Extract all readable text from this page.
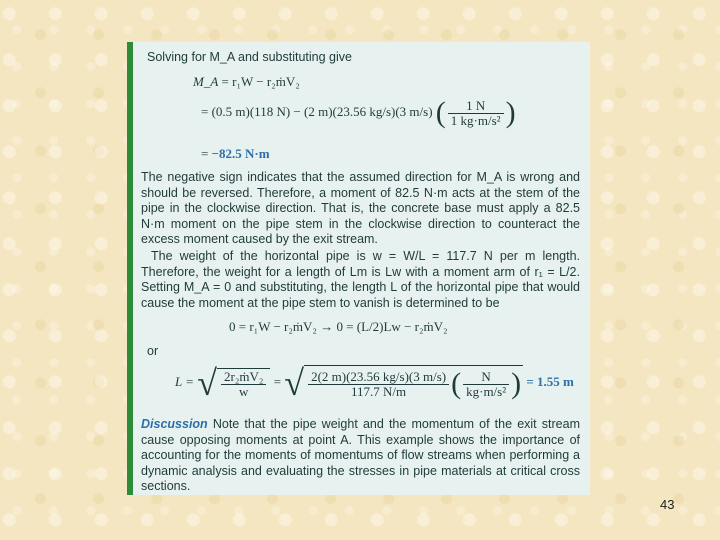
Solving for M_A and substituting give
M_A = r₁W − r₂ṁV₂
= (0.5 m)(118 N) − (2 m)(23.56 kg/s)(3 m/s) ( $\frac{1 N}{\text{1 kg·m/s²}}$ )
= −82.5 N·m
The negative sign indicates that the assumed direction for M_A is wrong and should be reversed. Therefore, a moment of 82.5 N·m acts at the stem of the pipe in the clockwise direction. That is, the concrete base must apply a 82.5 N·m moment on the pipe stem in the clockwise direction to counteract the excess moment caused by the exit stream.
The weight of the horizontal pipe is w = W/L = 117.7 N per m length. Therefore, the weight for a length of Lm is Lw with a moment arm of r₁ = L/2. Setting M_A = 0 and substituting, the length L of the horizontal pipe that would cause the moment at the pipe stem to vanish is determined to be
0 = r₁W − r₂ṁV₂ → 0 = (L/2)Lw − r₂ṁV₂
or
L = √ $\frac{\text{2r₂ṁV₂}}{w}$ = √ $\frac{2(2 m)(23.56 kg/s)(3 m/s)}{117.7 N/m}$ ( $\frac{N}{\text{kg·m/s²}}$ ) = 1.55 m
Discussion Note that the pipe weight and the momentum of the exit stream cause opposing moments at point A. This example shows the importance of accounting for the moments of momentums of flow streams when performing a dynamic analysis and evaluating the stresses in pipe materials at critical cross sections.
43
